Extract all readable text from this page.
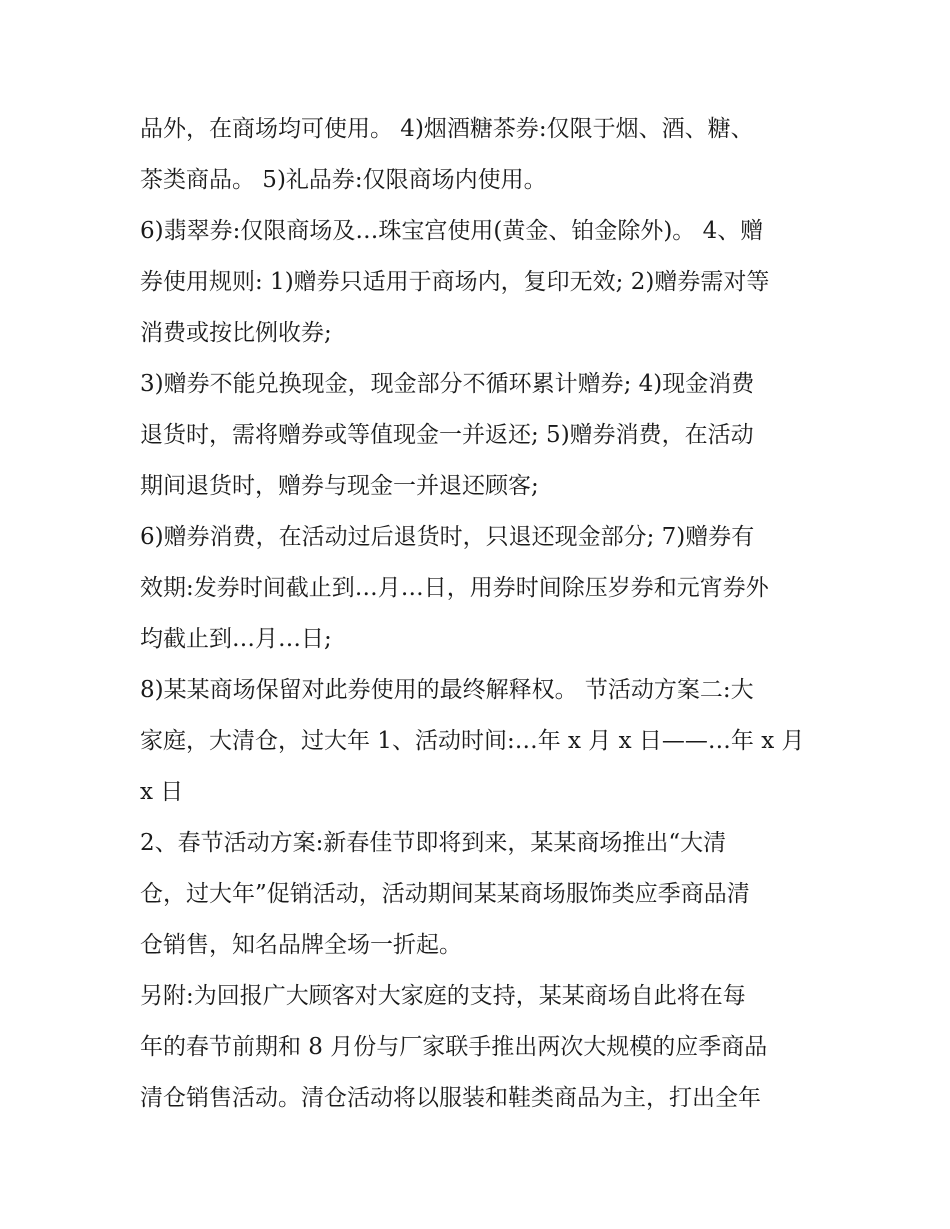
品外，在商场均可使用。 4)烟酒糖茶券:仅限于烟、酒、糖、
茶类商品。 5)礼品券:仅限商场内使用。
6)翡翠券:仅限商场及…珠宝宫使用(黄金、铂金除外)。 4、赠
券使用规则: 1)赠券只适用于商场内，复印无效; 2)赠券需对等
消费或按比例收券;
3)赠券不能兑换现金，现金部分不循环累计赠券; 4)现金消费
退货时，需将赠券或等值现金一并返还; 5)赠券消费，在活动
期间退货时，赠券与现金一并退还顾客;
6)赠券消费，在活动过后退货时，只退还现金部分; 7)赠券有
效期:发券时间截止到…月…日，用券时间除压岁券和元宵券外
均截止到…月…日;
8)某某商场保留对此券使用的最终解释权。 节活动方案二:大
家庭，大清仓，过大年 1、活动时间:…年 x 月 x 日——…年 x 月
x 日
2、春节活动方案:新春佳节即将到来，某某商场推出“大清
仓，过大年”促销活动，活动期间某某商场服饰类应季商品清
仓销售，知名品牌全场一折起。
另附:为回报广大顾客对大家庭的支持，某某商场自此将在每
年的春节前期和 8 月份与厂家联手推出两次大规模的应季商品
清仓销售活动。清仓活动将以服装和鞋类商品为主，打出全年
